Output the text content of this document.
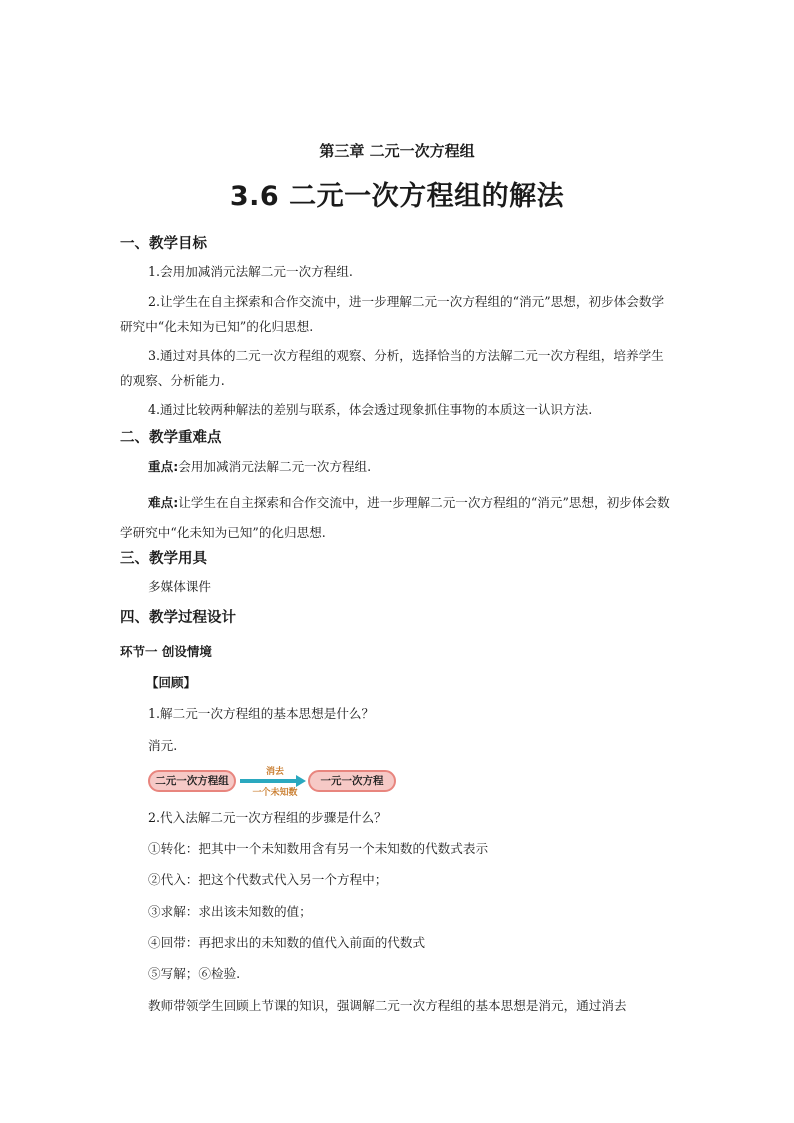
第三章 二元一次方程组
3.6 二元一次方程组的解法
一、教学目标
1.会用加减消元法解二元一次方程组.
2.让学生在自主探索和合作交流中，进一步理解二元一次方程组的“消元”思想，初步体会数学研究中“化未知为已知”的化归思想.
3.通过对具体的二元一次方程组的观察、分析，选择恰当的方法解二元一次方程组，培养学生的观察、分析能力.
4.通过比较两种解法的差别与联系，体会透过现象抓住事物的本质这一认识方法.
二、教学重难点
重点:会用加减消元法解二元一次方程组.
难点:让学生在自主探索和合作交流中，进一步理解二元一次方程组的“消元”思想，初步体会数学研究中“化未知为已知”的化归思想.
三、教学用具
多媒体课件
四、教学过程设计
环节一 创设情境
【回顾】
1.解二元一次方程组的基本思想是什么？
消元.
二元一次方程组
消去
一个未知数
一元一次方程
2.代入法解二元一次方程组的步骤是什么？
①转化：把其中一个未知数用含有另一个未知数的代数式表示
②代入：把这个代数式代入另一个方程中；
③求解：求出该未知数的值；
④回带：再把求出的未知数的值代入前面的代数式
⑤写解；⑥检验.
教师带领学生回顾上节课的知识，强调解二元一次方程组的基本思想是消元，通过消去
